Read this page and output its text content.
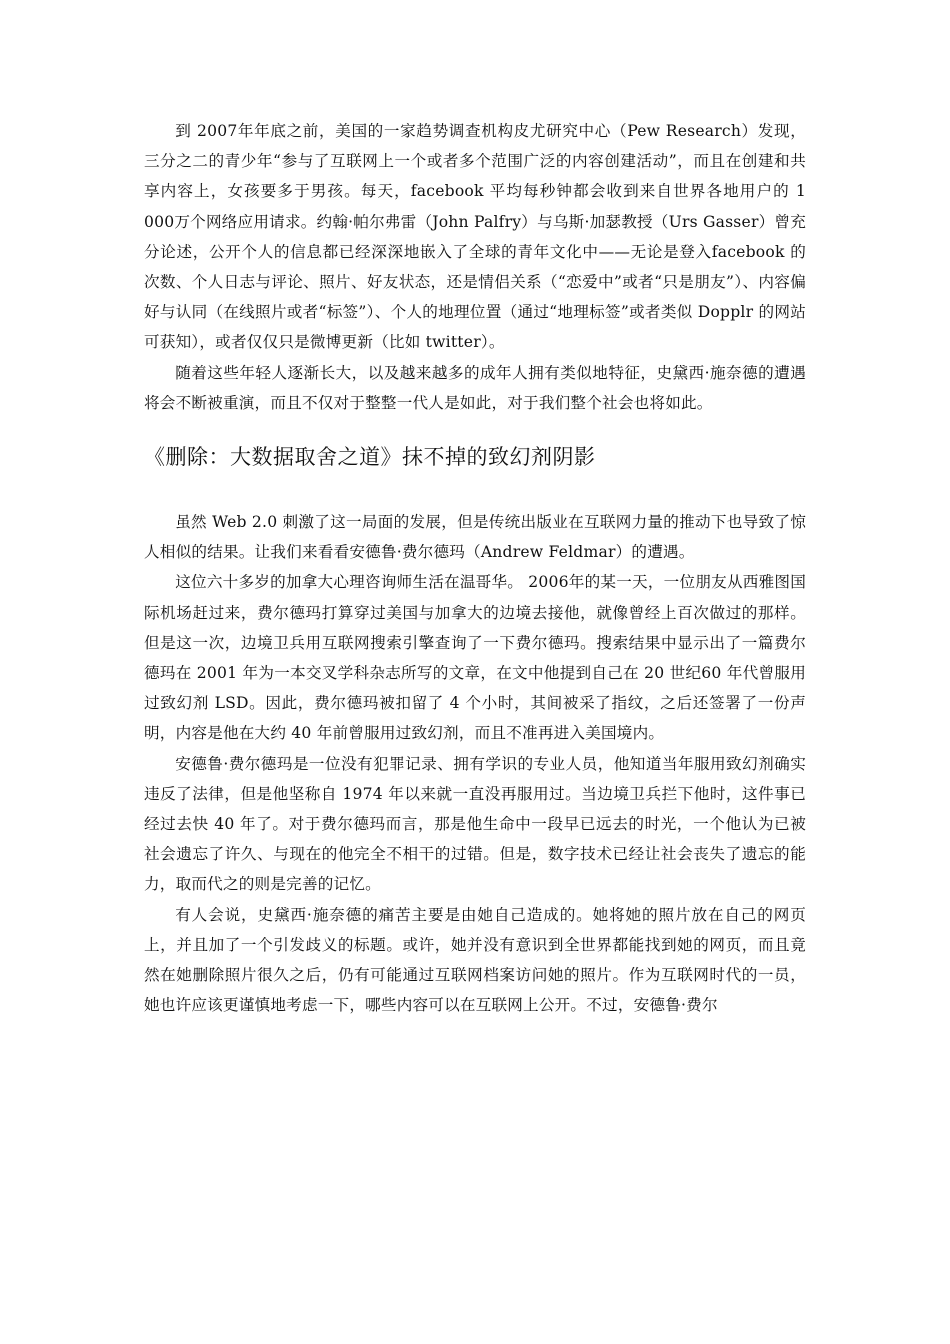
到 2007年年底之前，美国的一家趋势调查机构皮尤研究中心（Pew Research）发现，三分之二的青少年“参与了互联网上一个或者多个范围广泛的内容创建活动”，而且在创建和共享内容上，女孩要多于男孩。每天，facebook 平均每秒钟都会收到来自世界各地用户的 1 000万个网络应用请求。约翰·帕尔弗雷（John Palfry）与乌斯·加瑟教授（Urs Gasser）曾充分论述，公开个人的信息都已经深深地嵌入了全球的青年文化中——无论是登入facebook 的次数、个人日志与评论、照片、好友状态，还是情侣关系（“恋爱中”或者“只是朋友”）、内容偏好与认同（在线照片或者“标签”）、个人的地理位置（通过“地理标签”或者类似 Dopplr 的网站可获知），或者仅仅只是微博更新（比如 twitter）。

随着这些年轻人逐渐长大，以及越来越多的成年人拥有类似地特征，史黛西·施奈德的遭遇将会不断被重演，而且不仅对于整整一代人是如此，对于我们整个社会也将如此。

《删除：大数据取舍之道》抹不掉的致幻剂阴影

虽然 Web 2.0 刺激了这一局面的发展，但是传统出版业在互联网力量的推动下也导致了惊人相似的结果。让我们来看看安德鲁·费尔德玛（Andrew Feldmar）的遭遇。

这位六十多岁的加拿大心理咨询师生活在温哥华。 2006年的某一天，一位朋友从西雅图国际机场赶过来，费尔德玛打算穿过美国与加拿大的边境去接他，就像曾经上百次做过的那样。但是这一次，边境卫兵用互联网搜索引擎查询了一下费尔德玛。搜索结果中显示出了一篇费尔德玛在 2001 年为一本交叉学科杂志所写的文章，在文中他提到自己在 20 世纪60 年代曾服用过致幻剂 LSD。因此，费尔德玛被扣留了 4 个小时，其间被采了指纹，之后还签署了一份声明，内容是他在大约 40 年前曾服用过致幻剂，而且不准再进入美国境内。

安德鲁·费尔德玛是一位没有犯罪记录、拥有学识的专业人员，他知道当年服用致幻剂确实违反了法律，但是他坚称自 1974 年以来就一直没再服用过。当边境卫兵拦下他时，这件事已经过去快 40 年了。对于费尔德玛而言，那是他生命中一段早已远去的时光，一个他认为已被社会遗忘了许久、与现在的他完全不相干的过错。但是，数字技术已经让社会丧失了遗忘的能力，取而代之的则是完善的记忆。

有人会说，史黛西·施奈德的痛苦主要是由她自己造成的。她将她的照片放在自己的网页上，并且加了一个引发歧义的标题。或许，她并没有意识到全世界都能找到她的网页，而且竟然在她删除照片很久之后，仍有可能通过互联网档案访问她的照片。作为互联网时代的一员，她也许应该更谨慎地考虑一下，哪些内容可以在互联网上公开。不过，安德鲁·费尔
